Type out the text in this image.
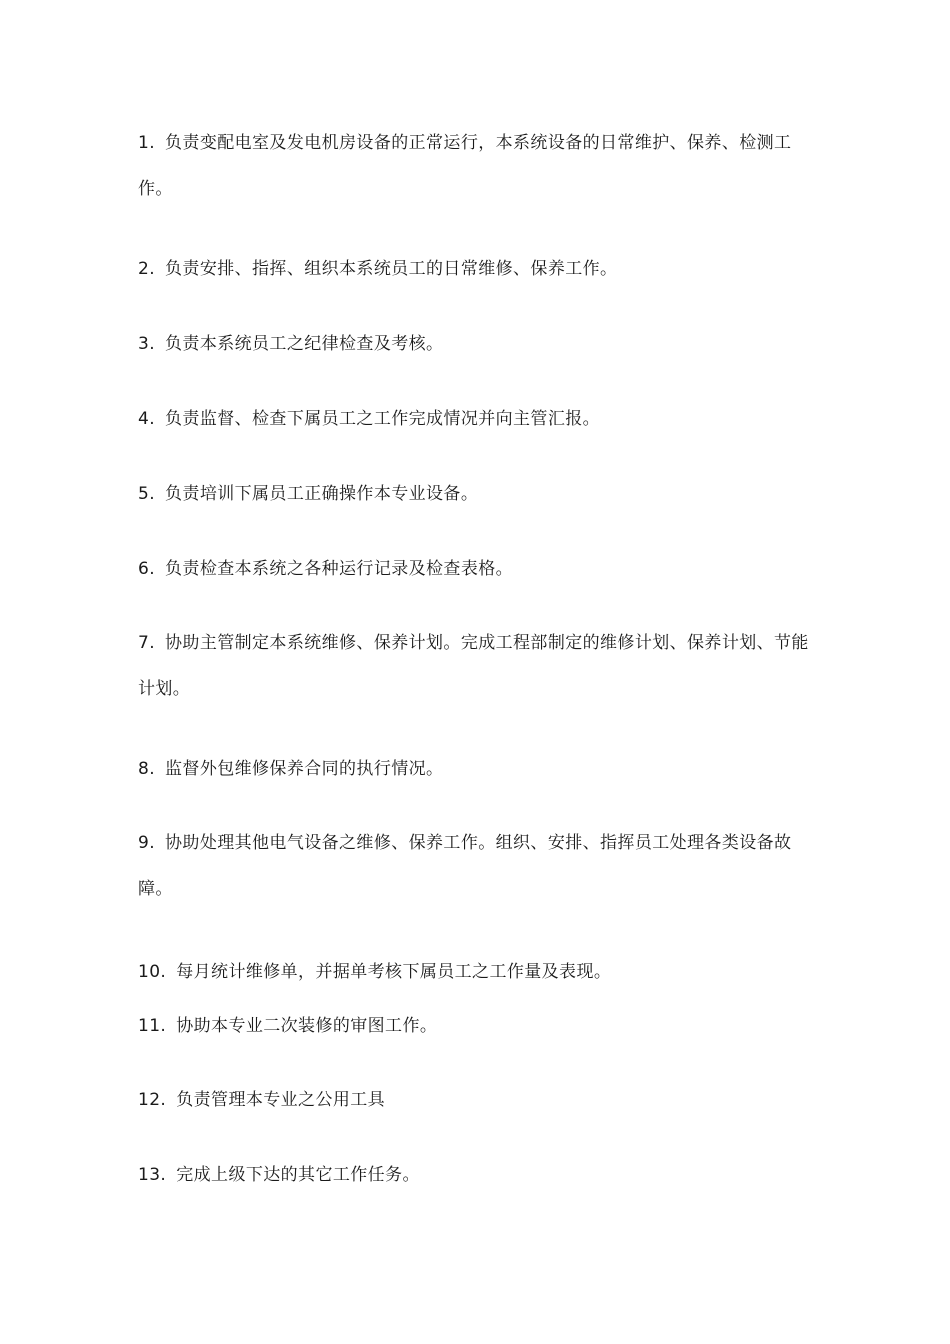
1. 负责变配电室及发电机房设备的正常运行，本系统设备的日常维护、保养、检测工作。

2. 负责安排、指挥、组织本系统员工的日常维修、保养工作。

3. 负责本系统员工之纪律检查及考核。

4. 负责监督、检查下属员工之工作完成情况并向主管汇报。

5. 负责培训下属员工正确操作本专业设备。

6. 负责检查本系统之各种运行记录及检查表格。

7. 协助主管制定本系统维修、保养计划。完成工程部制定的维修计划、保养计划、节能计划。

8. 监督外包维修保养合同的执行情况。

9. 协助处理其他电气设备之维修、保养工作。组织、安排、指挥员工处理各类设备故障。

10. 每月统计维修单，并据单考核下属员工之工作量及表现。

11. 协助本专业二次装修的审图工作。

12. 负责管理本专业之公用工具

13. 完成上级下达的其它工作任务。
